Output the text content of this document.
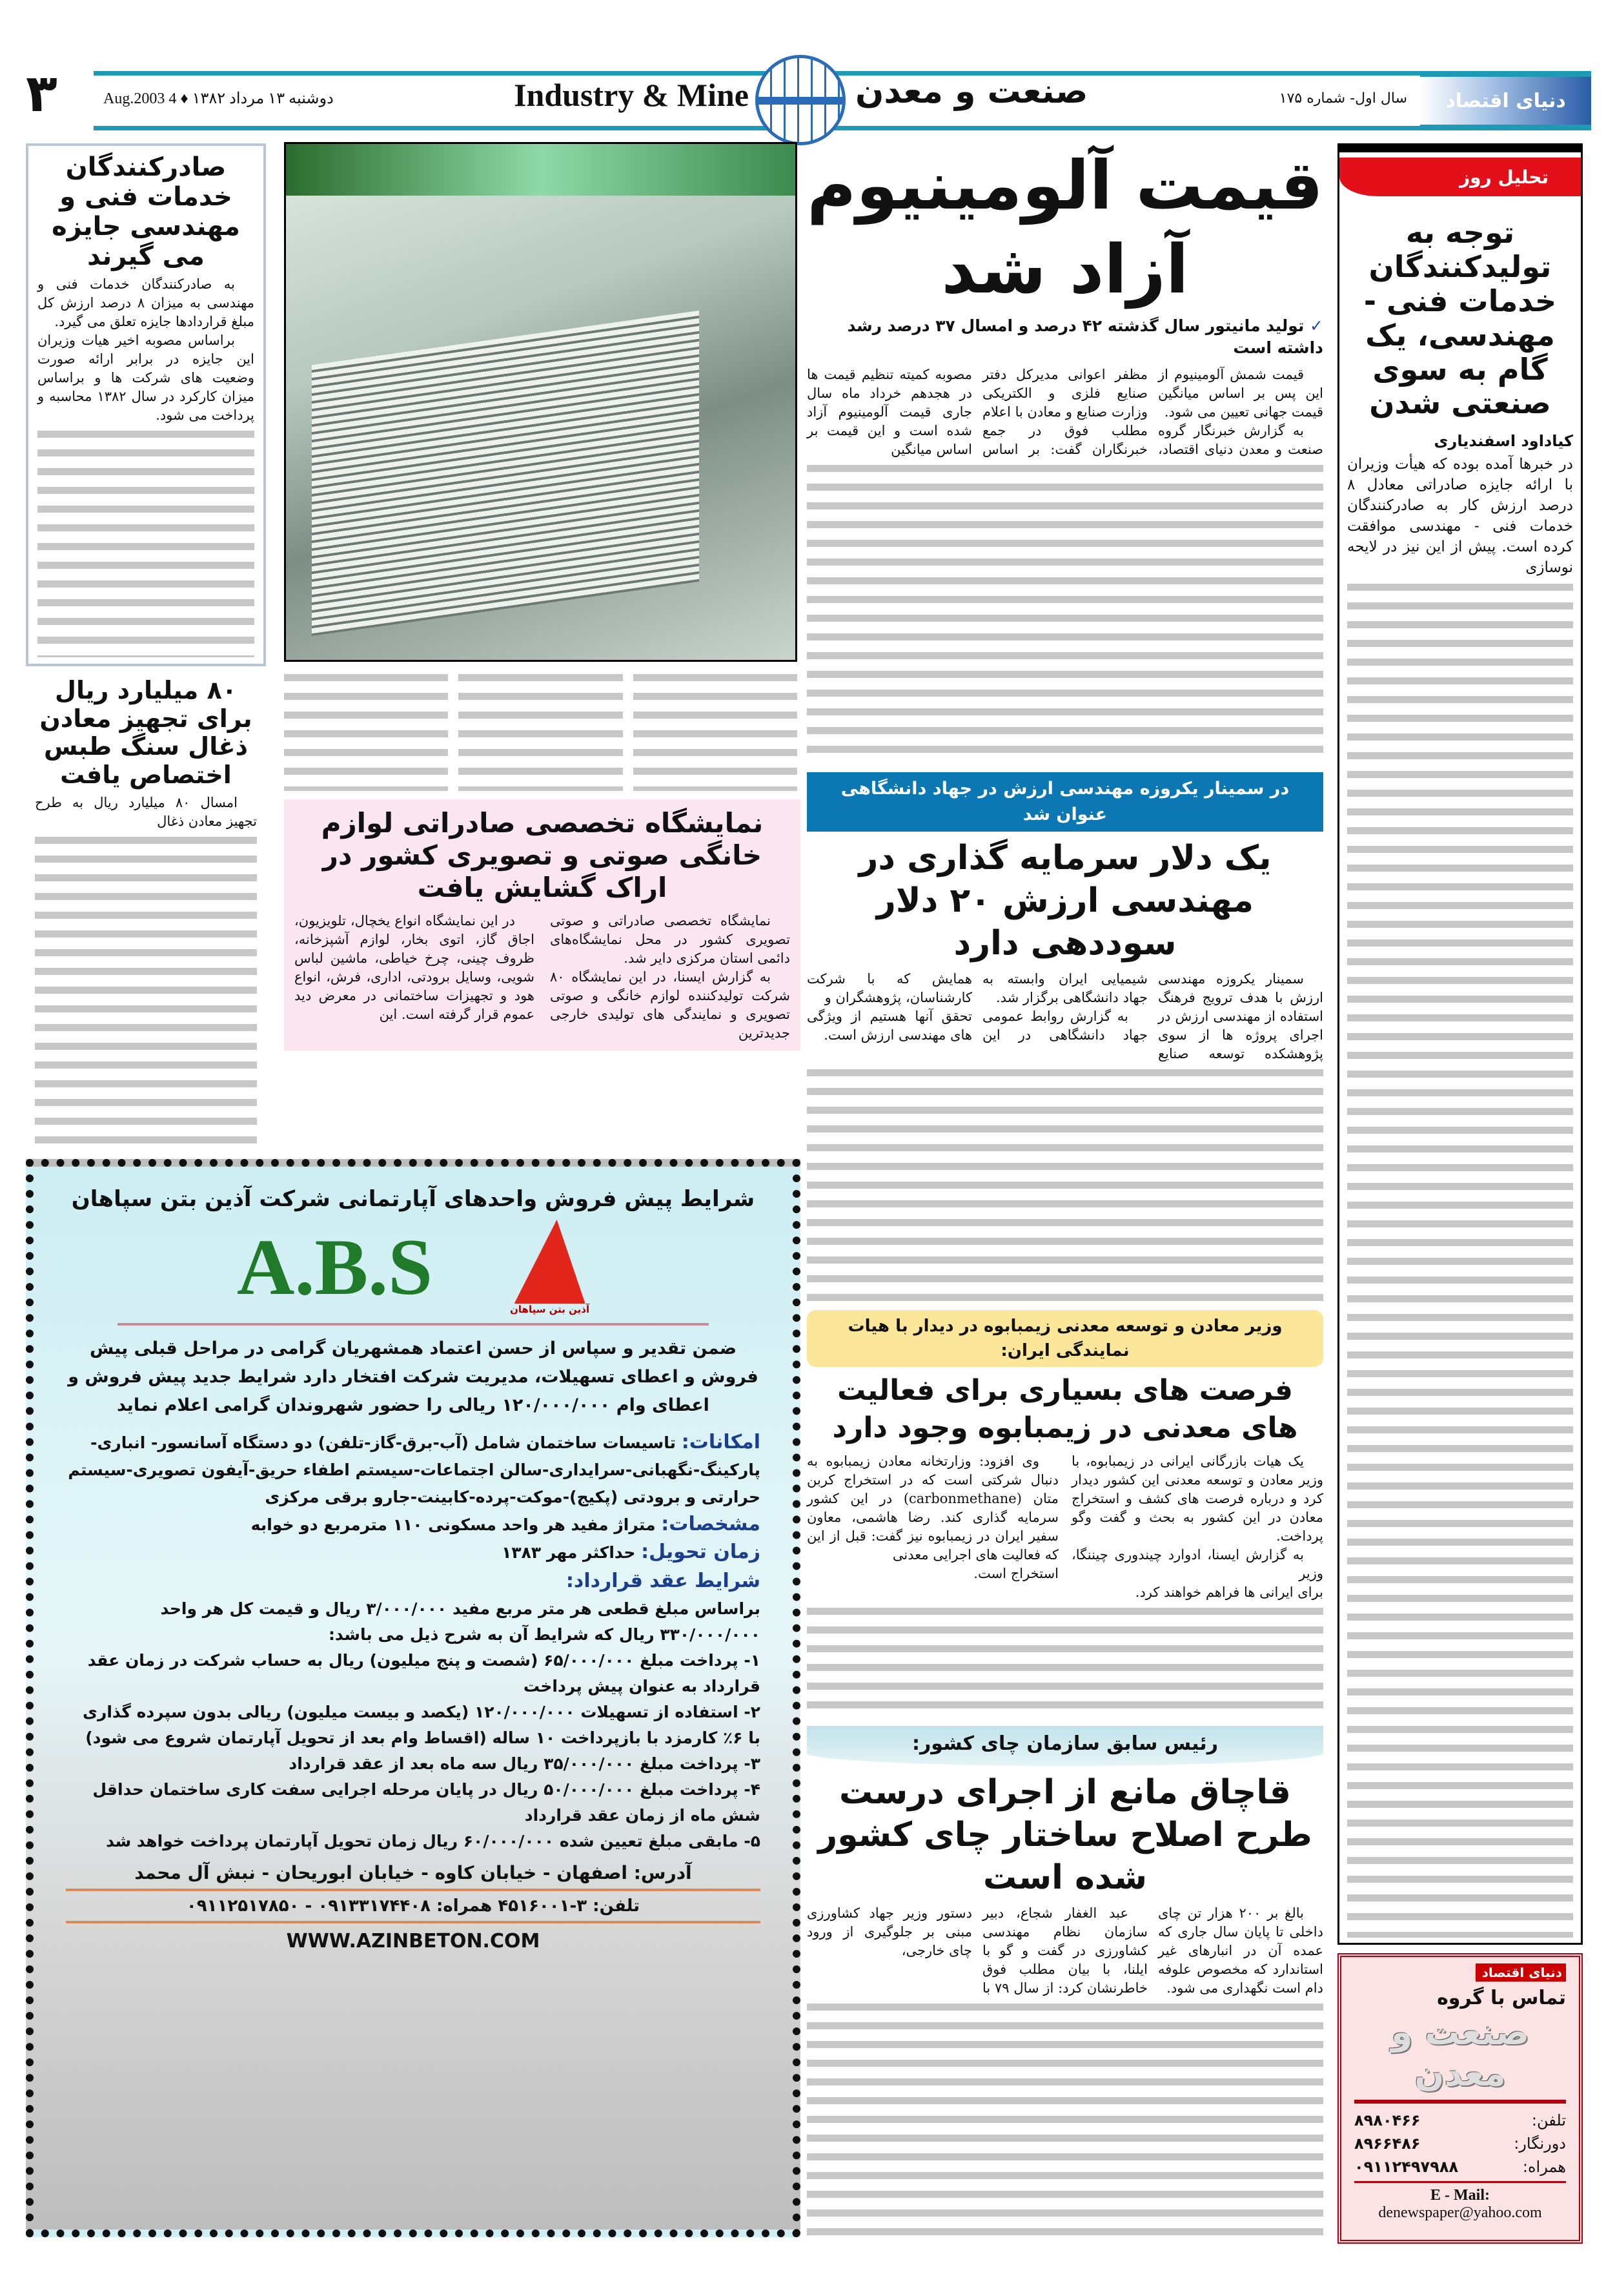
۳	دوشنبه ۱۳ مرداد ۱۳۸۲ ♦ 4 Aug.2003	Industry & Mine	صنعت و معدن	سال اول- شماره ۱۷۵	دنیای اقتصاد
تحلیل روز
توجه به تولیدکنندگان خدمات فنی - مهندسی، یک گام به سوی صنعتی شدن
کیاداود اسفندیاری
در خبرها آمده بوده که هیأت وزیران با ارائه جایزه صادراتی معادل ۸ درصد ارزش کار به صادرکنندگان خدمات فنی - مهندسی موافقت کرده است. پیش از این نیز در لایحه نوسازی
دنیای اقتصاد
تماس با گروه
صنعت و معدن
تلفن:
۸۹۸۰۴۶۶
دورنگار:
۸۹۶۶۴۸۶
همراه:
۰۹۱۱۲۴۹۷۹۸۸
E - Mail:
denewspaper@yahoo.com
قیمت آلومینیوم
آزاد شد
✓ تولید مانیتور سال گذشته ۴۲ درصد و امسال ۳۷ درصد رشد داشته است
قیمت شمش آلومینیوم از این پس بر اساس میانگین قیمت جهانی تعیین می شود.
به گزارش خبرنگار گروه صنعت و معدن دنیای اقتصاد، مظفر اعوانی مدیرکل دفتر صنایع فلزی و الکتریکی وزارت صنایع و معادن با اعلام مطلب فوق در جمع خبرنگاران گفت: بر اساس مصوبه کمیته تنظیم قیمت ها در هجدهم خرداد ماه سال جاری قیمت آلومینیوم آزاد شده است و این قیمت بر اساس میانگین
در سمینار یکروزه مهندسی ارزش در جهاد دانشگاهی عنوان شد
یک دلار سرمایه گذاری در مهندسی ارزش ۲۰ دلار سوددهی دارد
سمینار یکروزه مهندسی ارزش با هدف ترویج فرهنگ استفاده از مهندسی ارزش در اجرای پروژه ها از سوی پژوهشکده توسعه صنایع شیمیایی ایران وابسته به جهاد دانشگاهی برگزار شد.
به گزارش روابط عمومی جهاد دانشگاهی در این همایش که با شرکت کارشناسان، پژوهشگران و
تحقق آنها هستیم از ویژگی های مهندسی ارزش است.
وزیر معادن و توسعه معدنی زیمبابوه در دیدار با هیات نمایندگی ایران:
فرصت های بسیاری برای فعالیت های معدنی در زیمبابوه وجود دارد
یک هیات بازرگانی ایرانی در زیمبابوه، با وزیر معادن و توسعه معدنی این کشور دیدار کرد و درباره فرصت های کشف و استخراج معادن در این کشور به بحث و گفت وگو پرداخت.
به گزارش ایسنا، ادوارد چیندوری چیننگا، وزیر
برای ایرانی ها فراهم خواهند کرد.
وی افزود: وزارتخانه معادن زیمبابوه به دنبال شرکتی است که در استخراج کربن متان (carbonmethane) در این کشور سرمایه گذاری کند. رضا هاشمی، معاون سفیر ایران در زیمبابوه نیز گفت: قبل از این که فعالیت های اجرایی معدنی
استخراج است.
رئیس سابق سازمان چای کشور:
قاچاق مانع از اجرای درست طرح اصلاح ساختار چای کشور شده است
بالغ بر ۲۰۰ هزار تن چای داخلی تا پایان سال جاری که عمده آن در انبارهای غیر استاندارد که مخصوص علوفه دام است نگهداری می شود.
عبد الغفار شجاع، دبیر سازمان نظام مهندسی کشاورزی در گفت و گو با ایلنا، با بیان مطلب فوق خاطرنشان کرد: از سال ۷۹ با دستور وزیر جهاد کشاورزی مبنی بر جلوگیری از ورود چای خارجی،
صادرکنندگان خدمات فنی و مهندسی جایزه می گیرند
به صادرکنندگان خدمات فنی و مهندسی به میزان ۸ درصد ارزش کل مبلغ قراردادها جایزه تعلق می گیرد.
براساس مصوبه اخیر هیات وزیران این جایزه در برابر ارائه صورت وضعیت های شرکت ها و براساس میزان کارکرد در سال ۱۳۸۲ محاسبه و پرداخت می شود.
۸۰ میلیارد ریال برای تجهیز معادن ذغال سنگ طبس اختصاص یافت
امسال ۸۰ میلیارد ریال به طرح تجهیز معادن ذغال	نمایشگاه تخصصی صادراتی لوازم خانگی صوتی و تصویری کشور در اراک گشایش یافت
نمایشگاه تخصصی صادراتی و صوتی تصویری کشور در محل نمایشگاه‌های دائمی استان مرکزی دایر شد.
به گزارش ایسنا، در این نمایشگاه ۸۰ شرکت تولیدکننده لوازم خانگی و صوتی تصویری و نمایندگی های تولیدی خارجی جدیدترین
در این نمایشگاه انواع یخچال، تلویزیون، اجاق گاز، اتوی بخار، لوازم آشپزخانه، ظروف چینی، چرخ خیاطی، ماشین لباس شویی، وسایل برودتی، اداری، فرش، انواع هود و تجهیزات ساختمانی در معرض دید عموم قرار گرفته است. این
شرایط پیش فروش واحدهای آپارتمانی شرکت آذین بتن سپاهان
آذین بتن سپاهان
A.B.S
ضمن تقدیر و سپاس از حسن اعتماد همشهریان گرامی در مراحل قبلی پیش فروش و اعطای تسهیلات، مدیریت شرکت افتخار دارد شرایط جدید پیش فروش و اعطای وام ۱۲۰/۰۰۰/۰۰۰ ریالی را حضور شهروندان گرامی اعلام نماید
امکانات: تاسیسات ساختمان شامل (آب-برق-گاز-تلفن) دو دستگاه آسانسور- انباری-پارکینگ-نگهبانی-سرایداری-سالن اجتماعات-سیستم اطفاء حریق-آیفون تصویری-سیستم حرارتی و برودتی (پکیج)-موکت-پرده-کابینت-جارو برقی مرکزی
مشخصات: متراژ مفید هر واحد مسکونی ۱۱۰ مترمربع دو خوابه
زمان تحویل: حداکثر مهر ۱۳۸۳
شرایط عقد قرارداد:
براساس مبلغ قطعی هر متر مربع مفید ۳/۰۰۰/۰۰۰ ریال و قیمت کل هر واحد ۳۳۰/۰۰۰/۰۰۰ ریال که شرایط آن به شرح ذیل می باشد:
۱- پرداخت مبلغ ۶۵/۰۰۰/۰۰۰ (شصت و پنج میلیون) ریال به حساب شرکت در زمان عقد قرارداد به عنوان پیش پرداخت
۲- استفاده از تسهیلات ۱۲۰/۰۰۰/۰۰۰ (یکصد و بیست میلیون) ریالی بدون سپرده گذاری با ۶٪ کارمزد با بازپرداخت ۱۰ ساله (اقساط وام بعد از تحویل آپارتمان شروع می شود)
۳- پرداخت مبلغ ۳۵/۰۰۰/۰۰۰ ریال سه ماه بعد از عقد قرارداد
۴- پرداخت مبلغ ۵۰/۰۰۰/۰۰۰ ریال در پایان مرحله اجرایی سفت کاری ساختمان حداقل شش ماه از زمان عقد قرارداد
۵- مابقی مبلغ تعیین شده ۶۰/۰۰۰/۰۰۰ ریال زمان تحویل آپارتمان پرداخت خواهد شد
آدرس: اصفهان - خیابان کاوه - خیابان ابوریحان - نبش آل محمد
تلفن: ۳-۴۵۱۶۰۰۱ همراه: ۰۹۱۳۳۱۷۴۴۰۸ - ۰۹۱۱۲۵۱۷۸۵۰
WWW.AZINBETON.COM
